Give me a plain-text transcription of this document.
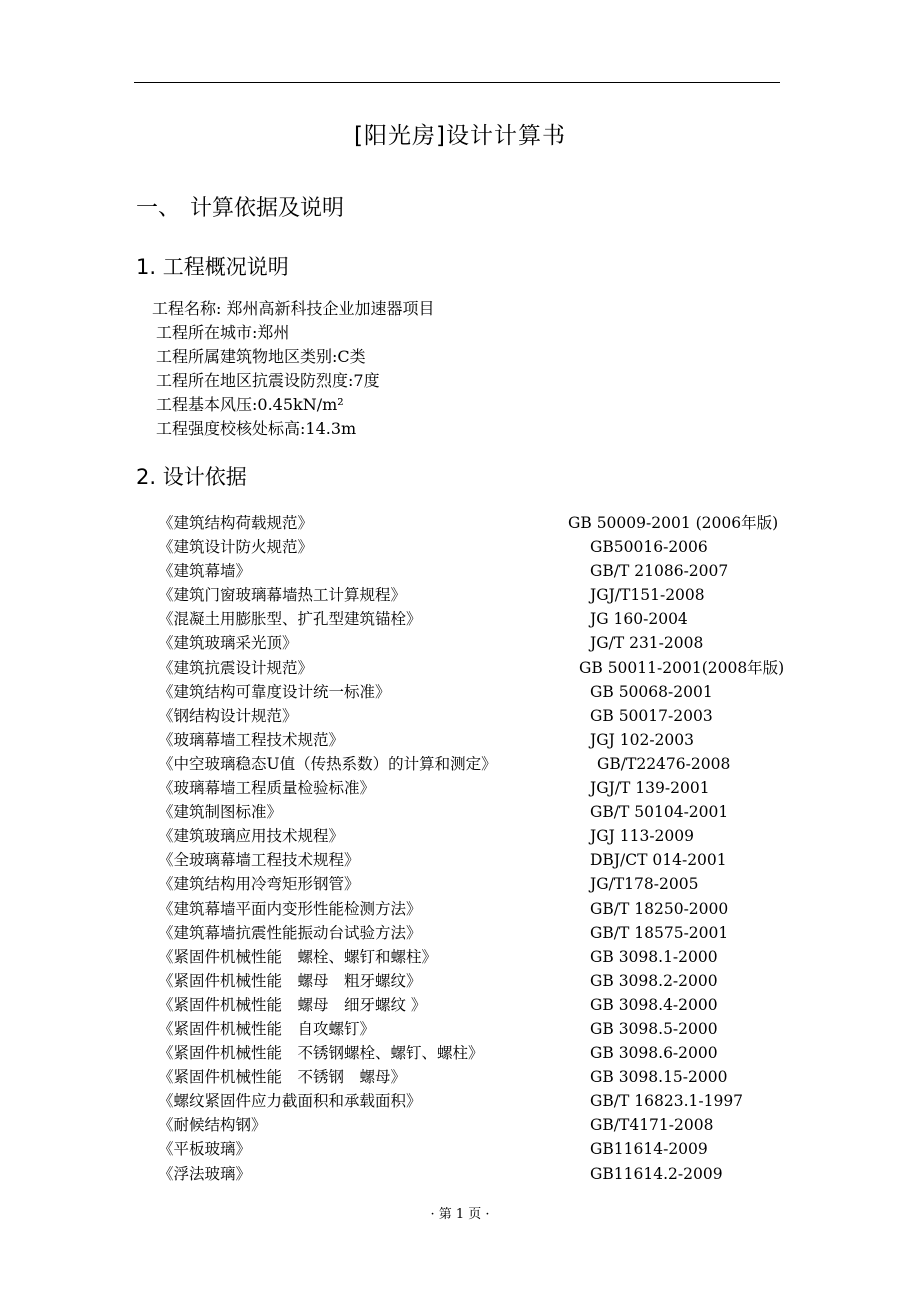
[阳光房]设计计算书
一、 计算依据及说明
1. 工程概况说明
工程名称: 郑州高新科技企业加速器项目
工程所在城市:郑州
工程所属建筑物地区类别:C类
工程所在地区抗震设防烈度:7度
工程基本风压:0.45kN/m²
工程强度校核处标高:14.3m
2. 设计依据
《建筑结构荷载规范》	GB 50009-2001 (2006年版)
《建筑设计防火规范》	GB50016-2006
《建筑幕墙》	GB/T 21086-2007
《建筑门窗玻璃幕墙热工计算规程》	JGJ/T151-2008
《混凝土用膨胀型、扩孔型建筑锚栓》	JG 160-2004
《建筑玻璃采光顶》	JG/T 231-2008
《建筑抗震设计规范》	GB 50011-2001(2008年版)
《建筑结构可靠度设计统一标准》	GB 50068-2001
《钢结构设计规范》	GB 50017-2003
《玻璃幕墙工程技术规范》	JGJ 102-2003
《中空玻璃稳态U值（传热系数）的计算和测定》	GB/T22476-2008
《玻璃幕墙工程质量检验标准》	JGJ/T 139-2001
《建筑制图标准》	GB/T 50104-2001
《建筑玻璃应用技术规程》	JGJ 113-2009
《全玻璃幕墙工程技术规程》	DBJ/CT 014-2001
《建筑结构用冷弯矩形钢管》	JG/T178-2005
《建筑幕墙平面内变形性能检测方法》	GB/T 18250-2000
《建筑幕墙抗震性能振动台试验方法》	GB/T 18575-2001
《紧固件机械性能　螺栓、螺钉和螺柱》	GB 3098.1-2000
《紧固件机械性能　螺母　粗牙螺纹》	GB 3098.2-2000
《紧固件机械性能　螺母　细牙螺纹 》	GB 3098.4-2000
《紧固件机械性能　自攻螺钉》	GB 3098.5-2000
《紧固件机械性能　不锈钢螺栓、螺钉、螺柱》	GB 3098.6-2000
《紧固件机械性能　不锈钢　螺母》	GB 3098.15-2000
《螺纹紧固件应力截面积和承载面积》	GB/T 16823.1-1997
《耐候结构钢》	GB/T4171-2008
《平板玻璃》	GB11614-2009
《浮法玻璃》	GB11614.2-2009
· 第 1 页 ·
